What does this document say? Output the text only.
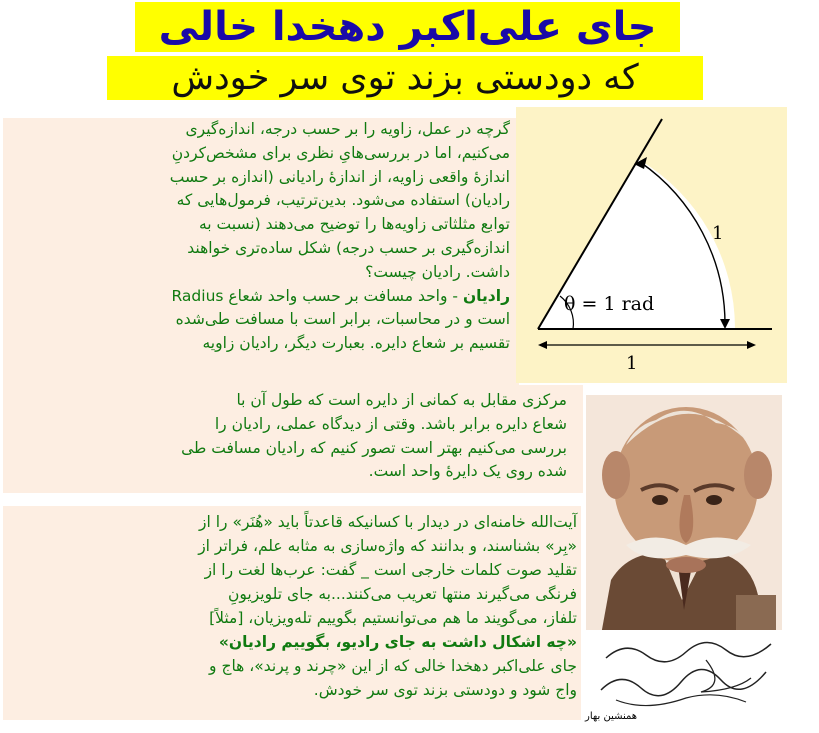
جای علی‌اکبر دهخدا خالی
که دودستی بزند توی سر خودش
گرچه در عمل، زاویه را بر حسب درجه، اندازه‌گیری
می‌کنیم، اما در بررسی‌هایِ نظری برای مشخص‌کردنِ
اندازهٔ واقعی زاویه، از اندازهٔ رادیانی (اندازه بر حسب
رادیان) استفاده می‌شود. بدین‌ترتیب، فرمول‌هایی که
توابع مثلثاتی زاویه‌ها را توضیح می‌دهند (نسبت به
اندازه‌گیری بر حسب درجه) شکل ساده‌تری خواهند
داشت. رادیان چیست؟
رادیان - واحد مسافت بر حسب واحد شعاع Radius
است و در محاسبات، برابر است با مسافت طی‌شده
تقسیم بر شعاع دایره. بعبارت دیگر، رادیان زاویه
مرکزی مقابل به کمانی از دایره است که طول آن با
شعاع دایره برابر باشد. وقتی از دیدگاه عملی، رادیان را
بررسی می‌کنیم بهتر است تصور کنیم که رادیان مسافت طی
شده روی یک دایرهٔ واحد است.
θ = 1 rad
1
1
آیت‌الله خامنه‌ای در دیدار با کسانیکه قاعدتاً باید «هُنَر» را از
«بِر» بشناسند، و بدانند که واژه‌سازی به مثابه علم، فراتر از
تقلید صوت کلمات خارجی است _ گفت: عرب‌ها لغت را از
فرنگی می‌گیرند منتها تعریب می‌کنند...به جای تلویزیونِ
تلفاز، می‌گویند ما هم می‌توانستیم بگوییم تله‌ویزیان، [مثلاً]
«چه اشکال داشت به جای رادیو، بگوییم رادیان»
جای علی‌اکبر دهخدا خالی که از این «چرند و پرند»، هاج و
واج شود و دودستی بزند توی سر خودش.
همنشین بهار
